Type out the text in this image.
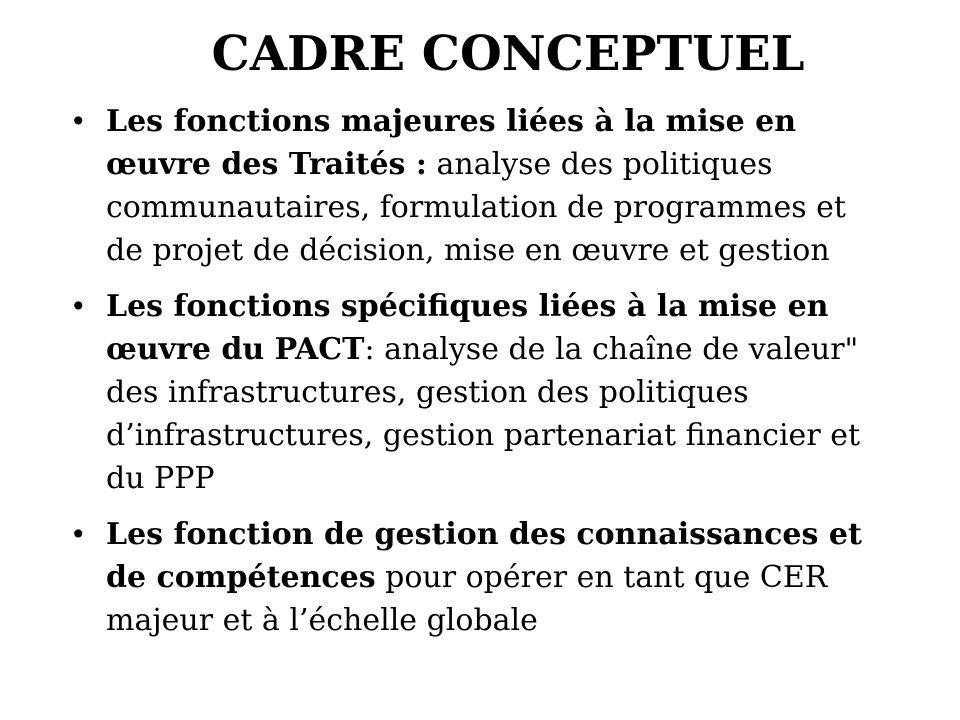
CADRE CONCEPTUEL
• Les fonctions majeures liées à la mise en œuvre des Traités : analyse des politiques communautaires, formulation de programmes et de projet de décision, mise en œuvre et gestion
• Les fonctions spécifiques liées à la mise en œuvre du PACT: analyse de la chaîne de valeur" des infrastructures, gestion des politiques d’infrastructures, gestion partenariat financier et du PPP
• Les fonction de gestion des connaissances et de compétences pour opérer en tant que CER majeur et à l’échelle globale
